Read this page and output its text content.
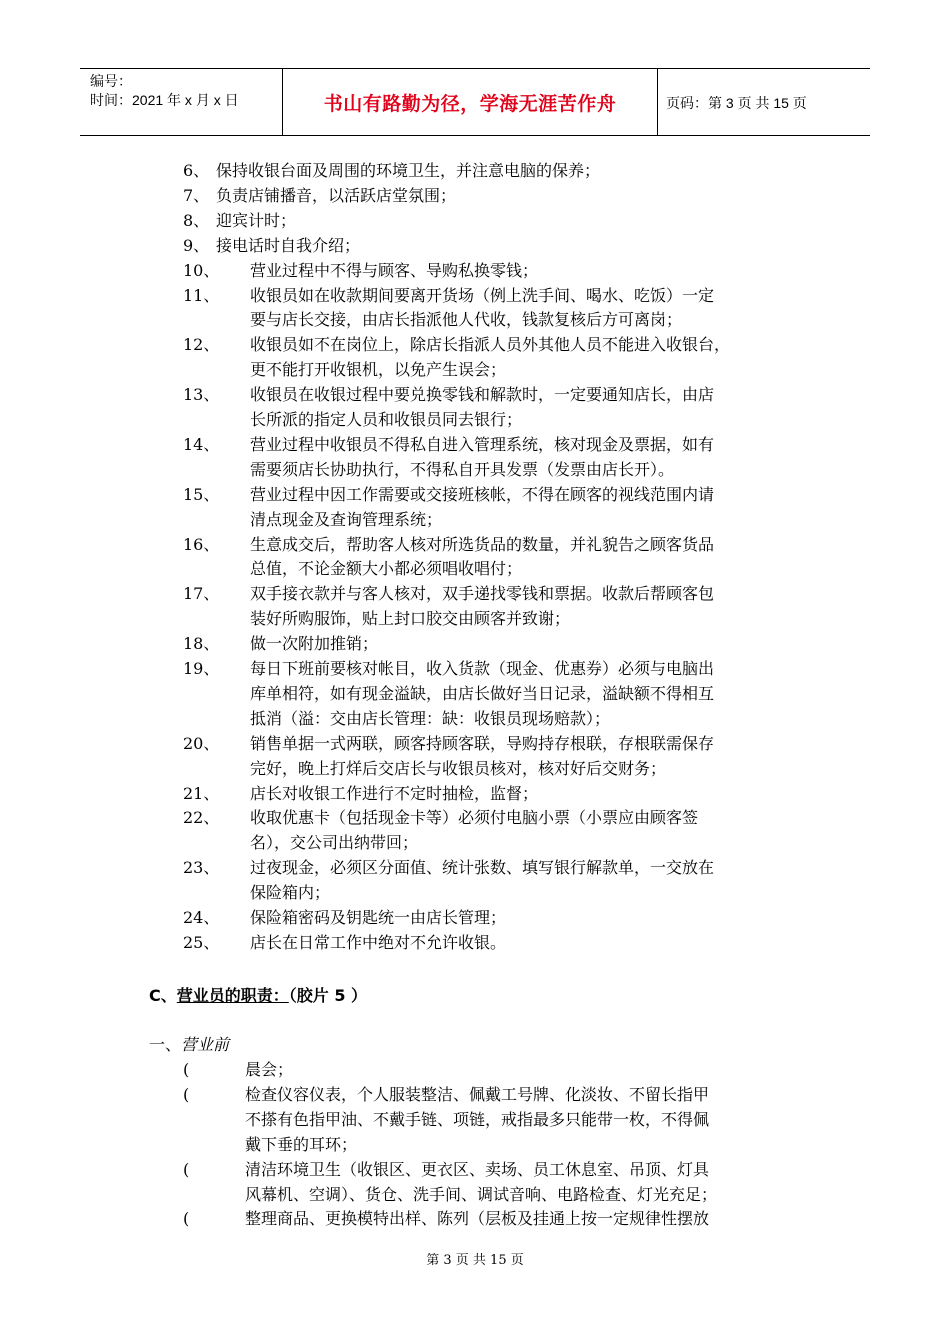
编号：
时间：2021 年 x 月 x 日	书山有路勤为径，学海无涯苦作舟	页码：第 3 页 共 15 页
6、 保持收银台面及周围的环境卫生，并注意电脑的保养；
7、 负责店铺播音，以活跃店堂氛围；
8、 迎宾计时；
9、 接电话时自我介绍；
10、 营业过程中不得与顾客、导购私换零钱；
11、 收银员如在收款期间要离开货场（例上洗手间、喝水、吃饭）一定
要与店长交接，由店长指派他人代收，钱款复核后方可离岗；
12、 收银员如不在岗位上，除店长指派人员外其他人员不能进入收银台，
更不能打开收银机，以免产生误会；
13、 收银员在收银过程中要兑换零钱和解款时，一定要通知店长，由店
长所派的指定人员和收银员同去银行；
14、 营业过程中收银员不得私自进入管理系统，核对现金及票据，如有
需要须店长协助执行，不得私自开具发票（发票由店长开）。
15、 营业过程中因工作需要或交接班核帐，不得在顾客的视线范围内请
清点现金及查询管理系统；
16、 生意成交后，帮助客人核对所选货品的数量，并礼貌告之顾客货品
总值，不论金额大小都必须唱收唱付；
17、 双手接衣款并与客人核对，双手递找零钱和票据。收款后帮顾客包
装好所购服饰，贴上封口胶交由顾客并致谢；
18、 做一次附加推销；
19、 每日下班前要核对帐目，收入货款（现金、优惠券）必须与电脑出
库单相符，如有现金溢缺，由店长做好当日记录，溢缺额不得相互
抵消（溢：交由店长管理：缺：收银员现场赔款）；
20、 销售单据一式两联，顾客持顾客联，导购持存根联，存根联需保存
完好，晚上打烊后交店长与收银员核对，核对好后交财务；
21、 店长对收银工作进行不定时抽检，监督；
22、 收取优惠卡（包括现金卡等）必须付电脑小票（小票应由顾客签
名），交公司出纳带回；
23、 过夜现金，必须区分面值、统计张数、填写银行解款单，一交放在
保险箱内；
24、 保险箱密码及钥匙统一由店长管理；
25、 店长在日常工作中绝对不允许收银。
C、营业员的职责：（胶片 5 ）
一、营业前
(	晨会；
(	检查仪容仪表，个人服装整洁、佩戴工号牌、化淡妆、不留长指甲
不搽有色指甲油、不戴手链、项链，戒指最多只能带一枚，不得佩
戴下垂的耳环；
(	清洁环境卫生（收银区、更衣区、卖场、员工休息室、吊顶、灯具
风幕机、空调）、货仓、洗手间、调试音响、电路检查、灯光充足；
(	整理商品、更换模特出样、陈列（层板及挂通上按一定规律性摆放
第 3 页 共 15 页
